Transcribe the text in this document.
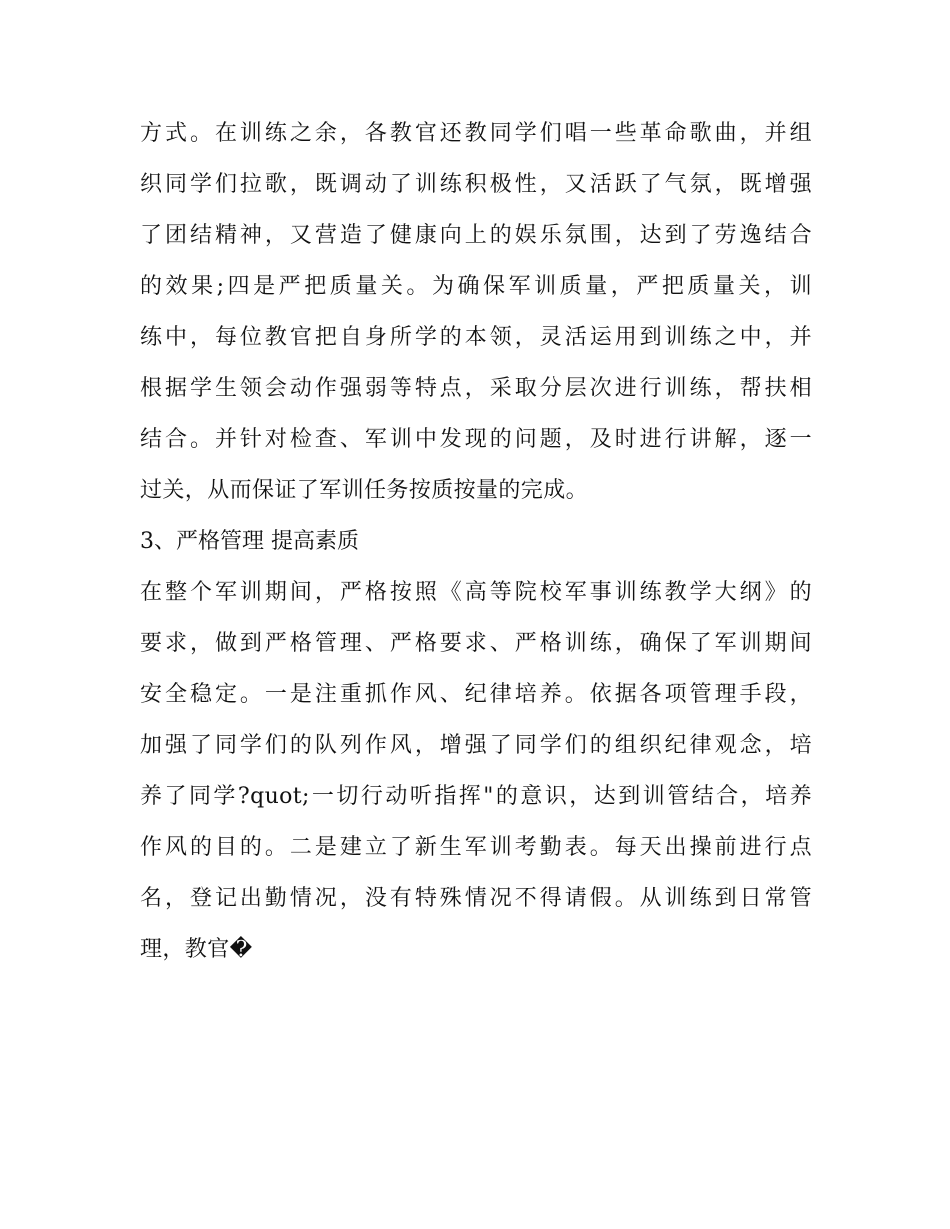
方式。在训练之余，各教官还教同学们唱一些革命歌曲，并组
织同学们拉歌，既调动了训练积极性，又活跃了气氛，既增强
了团结精神，又营造了健康向上的娱乐氛围，达到了劳逸结合
的效果;四是严把质量关。为确保军训质量，严把质量关，训
练中，每位教官把自身所学的本领，灵活运用到训练之中，并
根据学生领会动作强弱等特点，采取分层次进行训练，帮扶相
结合。并针对检查、军训中发现的问题，及时进行讲解，逐一
过关，从而保证了军训任务按质按量的完成。
3、严格管理 提高素质
在整个军训期间，严格按照《高等院校军事训练教学大纲》的
要求，做到严格管理、严格要求、严格训练，确保了军训期间
安全稳定。一是注重抓作风、纪律培养。依据各项管理手段，
加强了同学们的队列作风，增强了同学们的组织纪律观念，培
养了同学?quot;一切行动听指挥"的意识，达到训管结合，培养
作风的目的。二是建立了新生军训考勤表。每天出操前进行点
名，登记出勤情况，没有特殊情况不得请假。从训练到日常管
理，教官�
